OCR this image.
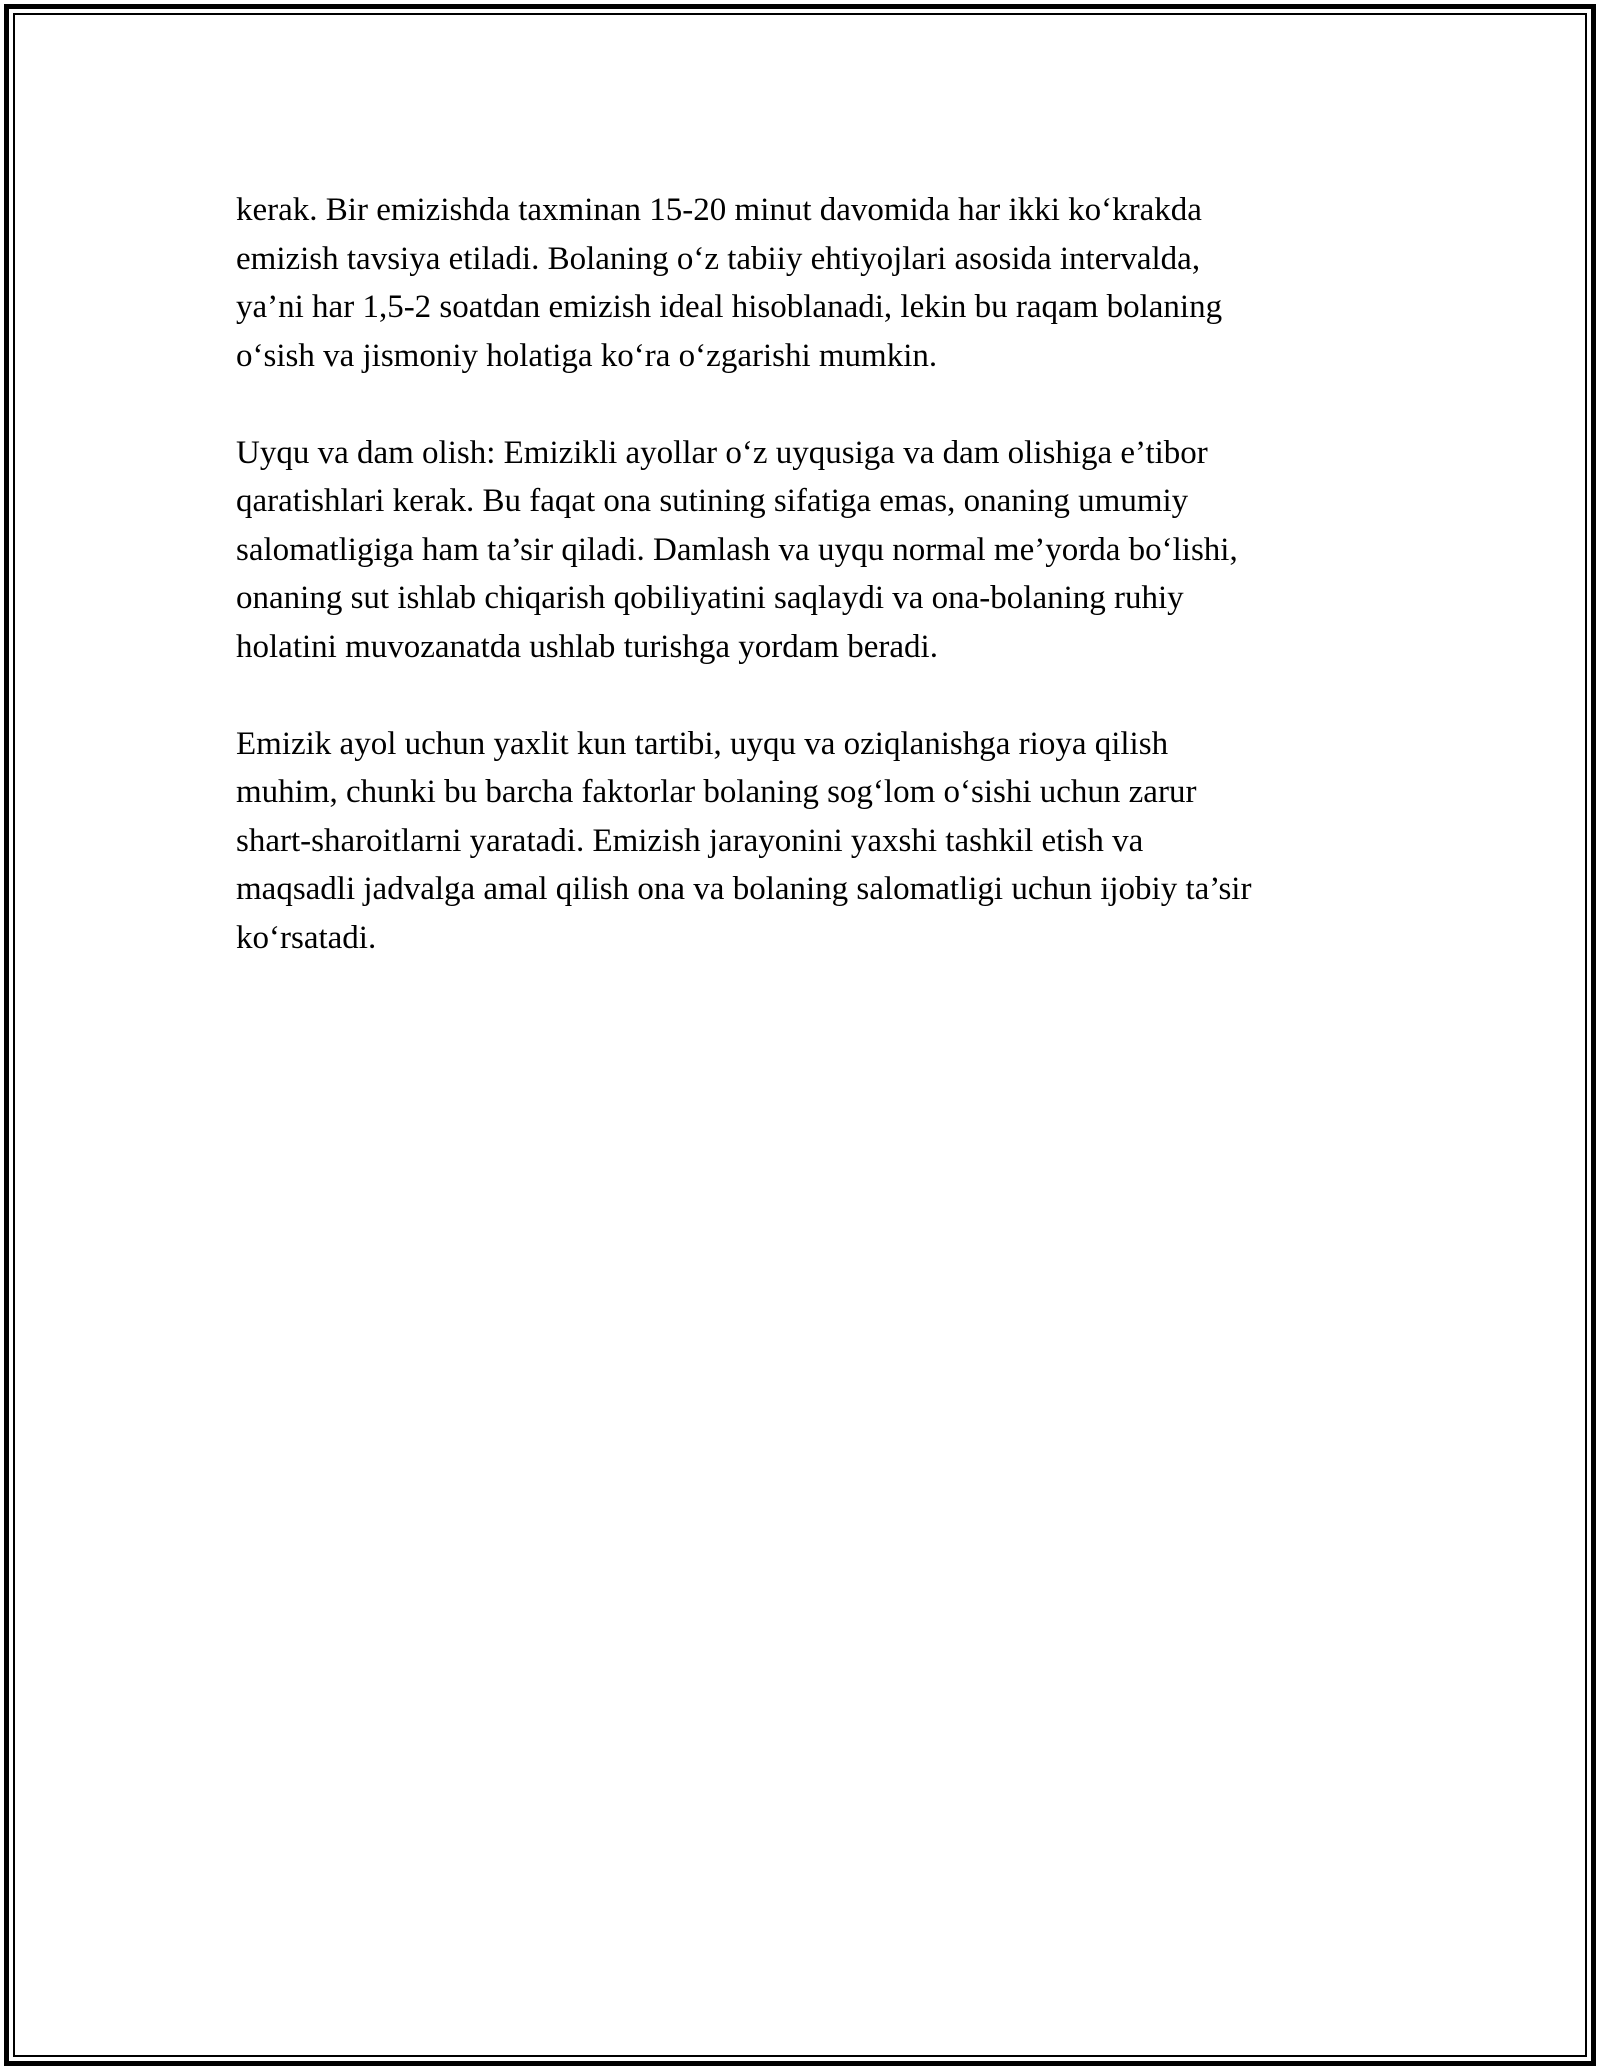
kerak. Bir emizishda taxminan 15-20 minut davomida har ikki ko‘krakda
emizish tavsiya etiladi. Bolaning o‘z tabiiy ehtiyojlari asosida intervalda,
ya’ni har 1,5-2 soatdan emizish ideal hisoblanadi, lekin bu raqam bolaning
o‘sish va jismoniy holatiga ko‘ra o‘zgarishi mumkin.
Uyqu va dam olish: Emizikli ayollar o‘z uyqusiga va dam olishiga e’tibor
qaratishlari kerak. Bu faqat ona sutining sifatiga emas, onaning umumiy
salomatligiga ham ta’sir qiladi. Damlash va uyqu normal me’yorda bo‘lishi,
onaning sut ishlab chiqarish qobiliyatini saqlaydi va ona-bolaning ruhiy
holatini muvozanatda ushlab turishga yordam beradi.
Emizik ayol uchun yaxlit kun tartibi, uyqu va oziqlanishga rioya qilish
muhim, chunki bu barcha faktorlar bolaning sog‘lom o‘sishi uchun zarur
shart-sharoitlarni yaratadi. Emizish jarayonini yaxshi tashkil etish va
maqsadli jadvalga amal qilish ona va bolaning salomatligi uchun ijobiy ta’sir
ko‘rsatadi.
